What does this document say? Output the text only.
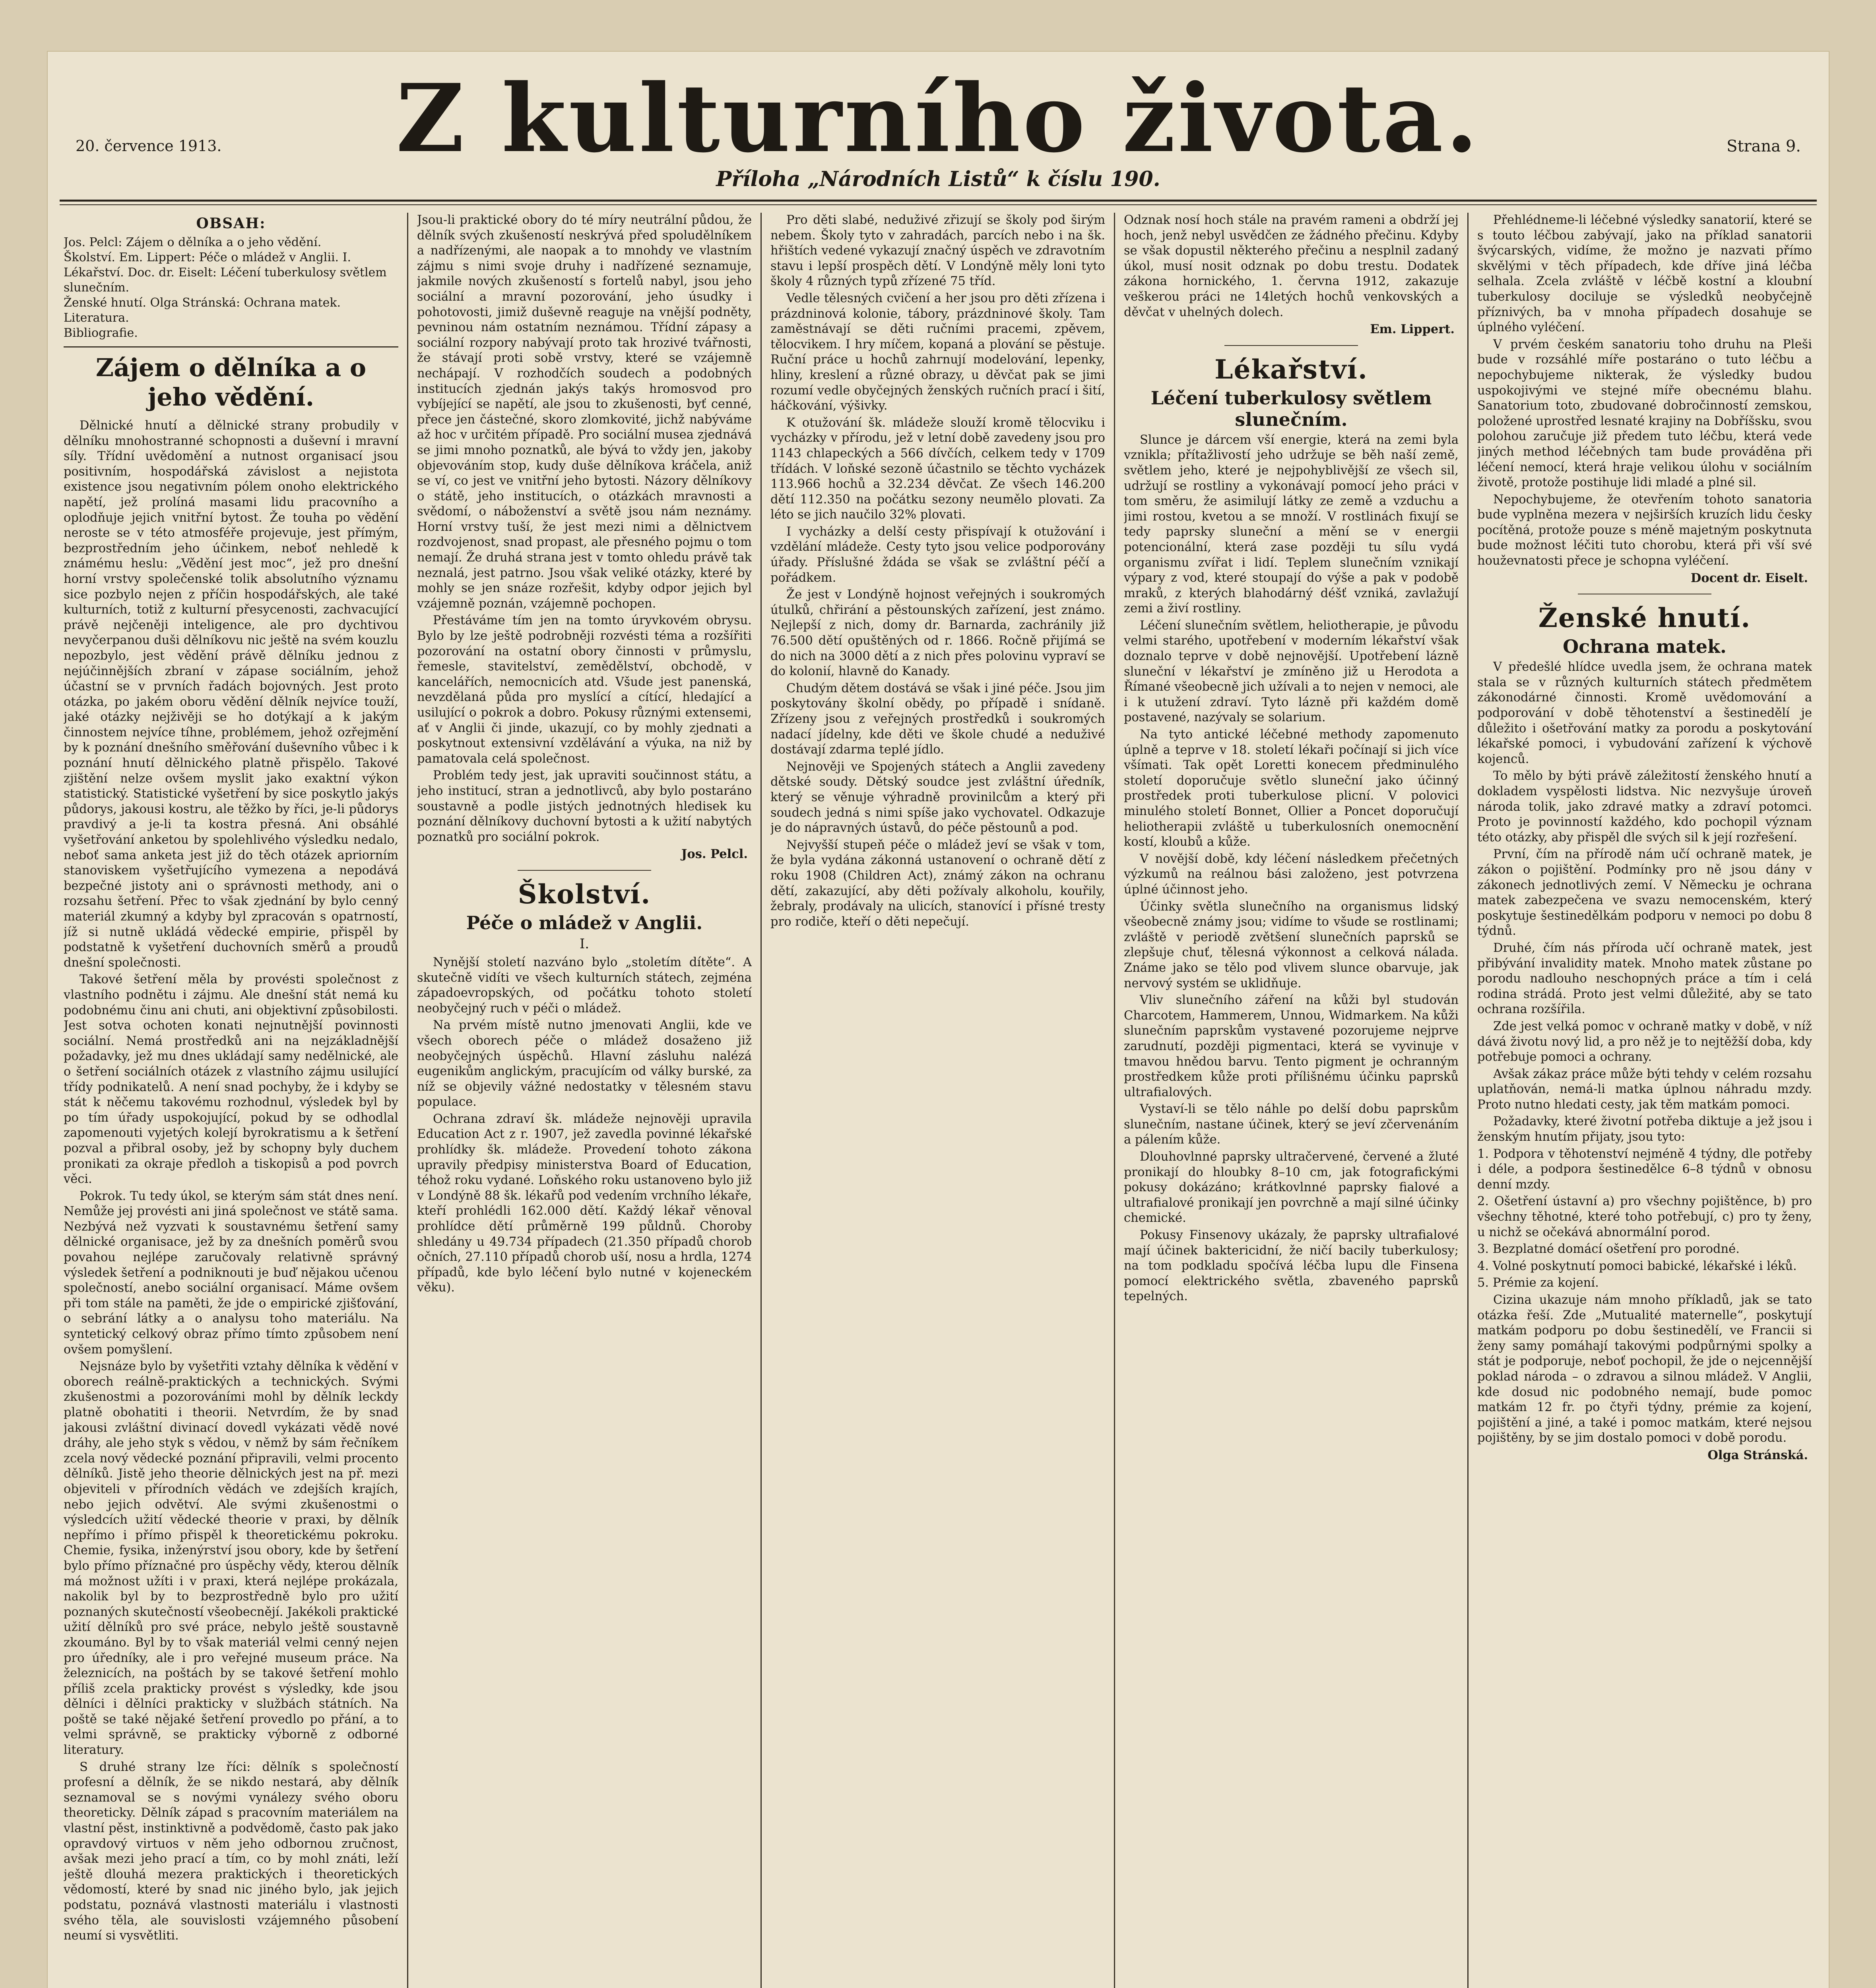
20. července 1913.	Z kulturního života.
Příloha „Národních Listů“ k číslu 190.
Strana 9.
OBSAH:
Jos. Pelcl: Zájem o dělníka a o jeho vědění.
Školství. Em. Lippert: Péče o mládež v Anglii. I.
Lékařství. Doc. dr. Eiselt: Léčení tuberkulosy světlem slunečním.
Ženské hnutí. Olga Stránská: Ochrana matek.
Literatura.
Bibliografie.
Zájem o dělníka a o jeho vědění.

Dělnické hnutí a dělnické strany probudily v dělníku mnohostranné schopnosti a duševní i mravní síly. Třídní uvědomění a nutnost organisací jsou positivním, hospodářská závislost a nejistota existence jsou negativním pólem onoho elektrického napětí, jež prolíná masami lidu pracovního a oplodňuje jejich vnitřní bytost. Že touha po vědění neroste se v této atmosféře projevuje, jest přímým, bezprostředním jeho účinkem, neboť nehledě k známému heslu: „Vědění jest moc“, jež pro dnešní horní vrstvy společenské tolik absolutního významu sice pozbylo nejen z příčin hospodářských, ale také kulturních, totiž z kulturní přesycenosti, zachvacující právě nejčeněji inteligence, ale pro dychtivou nevyčerpanou duši dělníkovu nic ještě na svém kouzlu nepozbylo, jest vědění právě dělníku jednou z nejúčinnějších zbraní v zápase sociálním, jehož účastní se v prvních řadách bojovných. Jest proto otázka, po jakém oboru vědění dělník nejvíce touží, jaké otázky nejživěji se ho dotýkají a k jakým činnostem nejvíce tíhne, problémem, jehož ozřejmění by k poznání dnešního směřování duševního vůbec i k poznání hnutí dělnického platně přispělo. Takové zjištění nelze ovšem myslit jako exaktní výkon statistický. Statistické vyšetření by sice poskytlo jakýs půdorys, jakousi kostru, ale těžko by říci, je-li půdorys pravdivý a je-li ta kostra přesná. Ani obsáhlé vyšetřování anketou by spolehlivého výsledku nedalo, neboť sama anketa jest již do těch otázek apriorním stanoviskem vyšetřujícího vymezena a nepodává bezpečné jistoty ani o správnosti methody, ani o rozsahu šetření. Přec to však zjednání by bylo cenný materiál zkumný a kdyby byl zpracován s opatrností, jíž si nutně ukládá vědecké empirie, přispěl by podstatně k vyšetření duchovních směrů a proudů dnešní společnosti.

Takové šetření měla by provésti společnost z vlastního podnětu i zájmu. Ale dnešní stát nemá ku podobnému činu ani chuti, ani objektivní způsobilosti. Jest sotva ochoten konati nejnutnější povinnosti sociální. Nemá prostředků ani na nejzákladnější požadavky, jež mu dnes ukládají samy nedělnické, ale o šetření sociálních otázek z vlastního zájmu usilující třídy podnikatelů. A není snad pochyby, že i kdyby se stát k něčemu takovému rozhodnul, výsledek byl by po tím úřady uspokojující, pokud by se odhodlal zapomenouti vyjetých kolejí byrokratismu a k šetření pozval a přibral osoby, jež by schopny byly duchem pronikati za okraje předloh a tiskopisů a pod povrch věci.

Pokrok. Tu tedy úkol, se kterým sám stát dnes není. Nemůže jej provésti ani jiná společnost ve státě sama. Nezbývá než vyzvati k soustavnému šetření samy dělnické organisace, jež by za dnešních poměrů svou povahou nejlépe zaručovaly relativně správný výsledek šetření a podniknouti je buď nějakou učenou společností, anebo sociální organisací. Máme ovšem při tom stále na paměti, že jde o empirické zjišťování, o sebrání látky a o analysu toho materiálu. Na syntetický celkový obraz přímo tímto způsobem není ovšem pomyšlení.

Nejsnáze bylo by vyšetřiti vztahy dělníka k vědění v oborech reálně-praktických a technických. Svými zkušenostmi a pozorováními mohl by dělník leckdy platně obohatiti i theorii. Netvrdím, že by snad jakousi zvláštní divinací dovedl vykázati vědě nové dráhy, ale jeho styk s vědou, v němž by sám řečníkem zcela nový vědecké poznání připravili, velmi procento dělníků. Jistě jeho theorie dělnických jest na př. mezi objeviteli v přírodních vědách ve zdejších krajích, nebo jejich odvětví. Ale svými zkušenostmi o výsledcích užití vědecké theorie v praxi, by dělník nepřímo i přímo přispěl k theoretickému pokroku. Chemie, fysika, inženýrství jsou obory, kde by šetření bylo přímo příznačné pro úspěchy vědy, kterou dělník má možnost užíti i v praxi, která nejlépe prokázala, nakolik byl by to bezprostředně bylo pro užití poznaných skutečností všeobecnějí. Jakékoli praktické užití dělníků pro své práce, nebylo ještě soustavně zkoumáno. Byl by to však materiál velmi cenný nejen pro úředníky, ale i pro veřejné museum práce. Na železnicích, na poštách by se takové šetření mohlo příliš zcela prakticky provést s výsledky, kde jsou dělníci i dělníci prakticky v službách státních. Na poště se také nějaké šetření provedlo po přání, a to velmi správně, se prakticky výborně z odborné literatury.

S druhé strany lze říci: dělník s společností profesní a dělník, že se nikdo nestará, aby dělník seznamoval se s novými vynálezy svého oboru theoreticky. Dělník západ s pracovním materiálem na vlastní pěst, instinktivně a podvědomě, často pak jako opravdový virtuos v něm jeho odbornou zručnost, avšak mezi jeho prací a tím, co by mohl znáti, leží ještě dlouhá mezera praktických i theoretických vědomostí, které by snad nic jiného bylo, jak jejich podstatu, poznává vlastnosti materiálu i vlastnosti svého těla, ale souvislosti vzájemného působení neumí si vysvětliti.

Jsou-li praktické obory do té míry neutrální půdou, že dělník svých zkušeností neskrývá před spoludělníkem a nadřízenými, ale naopak a to mnohdy ve vlastním zájmu s nimi svoje druhy i nadřízené seznamuje, jakmile nových zkušeností s fortelů nabyl, jsou jeho sociální a mravní pozorování, jeho úsudky i pohotovosti, jimiž duševně reaguje na vnější podněty, pevninou nám ostatním neznámou. Třídní zápasy a sociální rozpory nabývají proto tak hrozivé tvářnosti, že stávají proti sobě vrstvy, které se vzájemně nechápají. V rozhodčích soudech a podobných institucích zjednán jakýs takýs hromosvod pro vybíjející se napětí, ale jsou to zkušenosti, byť cenné, přece jen částečné, skoro zlomkovité, jichž nabýváme až hoc v určitém případě. Pro sociální musea zjednává se jimi mnoho poznatků, ale bývá to vždy jen, jakoby objevováním stop, kudy duše dělníkova kráčela, aniž se ví, co jest ve vnitřní jeho bytosti. Názory dělníkovy o státě, jeho institucích, o otázkách mravnosti a svědomí, o náboženství a světě jsou nám neznámy. Horní vrstvy tuší, že jest mezi nimi a dělnictvem rozdvojenost, snad propast, ale přesného pojmu o tom nemají. Že druhá strana jest v tomto ohledu právě tak neznalá, jest patrno. Jsou však veliké otázky, které by mohly se jen snáze rozřešit, kdyby odpor jejich byl vzájemně poznán, vzájemně pochopen.

Přestáváme tím jen na tomto úryvkovém obrysu. Bylo by lze ještě podrobněji rozvésti téma a rozšířiti pozorování na ostatní obory činnosti v průmyslu, řemesle, stavitelství, zemědělství, obchodě, v kancelářích, nemocnicích atd. Všude jest panenská, nevzdělaná půda pro myslící a cítící, hledající a usilující o pokrok a dobro. Pokusy různými extensemi, ať v Anglii či jinde, ukazují, co by mohly zjednati a poskytnout extensivní vzdělávání a výuka, na niž by pamatovala celá společnost.

Problém tedy jest, jak upraviti součinnost státu, a jeho institucí, stran a jednotlivců, aby bylo postaráno soustavně a podle jistých jednotných hledisek ku poznání dělníkovy duchovní bytosti a k užití nabytých poznatků pro sociální pokrok.

Jos. Pelcl.
Školství.
Péče o mládež v Anglii.
I.

Nynější století nazváno bylo „stoletím dítěte“. A skutečně vidíti ve všech kulturních státech, zejména západoevropských, od počátku tohoto století neobyčejný ruch v péči o mládež.

Na prvém místě nutno jmenovati Anglii, kde ve všech oborech péče o mládež dosaženo již neobyčejných úspěchů. Hlavní zásluhu nalézá eugenikům anglickým, pracujícím od války burské, za níž se objevily vážné nedostatky v tělesném stavu populace.

Ochrana zdraví šk. mládeže nejnověji upravila Education Act z r. 1907, jež zavedla povinné lékařské prohlídky šk. mládeže. Provedení tohoto zákona upravily předpisy ministerstva Board of Education, téhož roku vydané. Loňského roku ustanoveno bylo již v Londýně 88 šk. lékařů pod vedením vrchního lékaře, kteří prohlédli 162.000 dětí. Každý lékař věnoval prohlídce dětí průměrně 199 půldnů. Choroby shledány u 49.734 případech (21.350 případů chorob očních, 27.110 případů chorob uší, nosu a hrdla, 1274 případů, kde bylo léčení bylo nutné v kojeneckém věku).

Pro děti slabé, neduživé zřizují se školy pod širým nebem. Školy tyto v zahradách, parcích nebo i na šk. hřištích vedené vykazují značný úspěch ve zdravotním stavu i lepší prospěch dětí. V Londýně měly loni tyto školy 4 různých typů zřízené 75 tříd.

Vedle tělesných cvičení a her jsou pro děti zřízena i prázdninová kolonie, tábory, prázdninové školy. Tam zaměstnávají se děti ručními pracemi, zpěvem, tělocvikem. I hry míčem, kopaná a plování se pěstuje. Ruční práce u hochů zahrnují modelování, lepenky, hliny, kreslení a různé obrazy, u děvčat pak se jimi rozumí vedle obyčejných ženských ručních prací i šití, háčkování, výšivky.

K otužování šk. mládeže slouží kromě tělocviku i vycházky v přírodu, jež v letní době zavedeny jsou pro 1143 chlapeckých a 566 dívčích, celkem tedy v 1709 třídách. V loňské sezoně účastnilo se těchto vycházek 113.966 hochů a 32.234 děvčat. Ze všech 146.200 dětí 112.350 na počátku sezony neumělo plovati. Za léto se jich naučilo 32% plovati.

I vycházky a delší cesty přispívají k otužování i vzdělání mládeže. Cesty tyto jsou velice podporovány úřady. Příslušné ždáda se však se zvláštní péčí a pořádkem.

Že jest v Londýně hojnost veřejných i soukromých útulků, chřirání a pěstounských zařízení, jest známo. Nejlepší z nich, domy dr. Barnarda, zachránily již 76.500 dětí opuštěných od r. 1866. Ročně přijímá se do nich na 3000 dětí a z nich přes polovinu vypraví se do kolonií, hlavně do Kanady.

Chudým dětem dostává se však i jiné péče. Jsou jim poskytovány školní obědy, po případě i snídaně. Zřízeny jsou z veřejných prostředků i soukromých nadací jídelny, kde děti ve škole chudé a neduživé dostávají zdarma teplé jídlo.

Nejnověji ve Spojených státech a Anglii zavedeny dětské soudy. Dětský soudce jest zvláštní úředník, který se věnuje výhradně provinilcům a který při soudech jedná s nimi spíše jako vychovatel. Odkazuje je do nápravných ústavů, do péče pěstounů a pod.

Nejvyšší stupeň péče o mládež jeví se však v tom, že byla vydána zákonná ustanovení o ochraně dětí z roku 1908 (Children Act), známý zákon na ochranu dětí, zakazující, aby děti požívaly alkoholu, kouřily, žebraly, prodávaly na ulicích, stanovící i přísné tresty pro rodiče, kteří o děti nepečují.

Odznak nosí hoch stále na pravém rameni a obdrží jej hoch, jenž nebyl usvědčen ze žádného přečinu. Kdyby se však dopustil některého přečinu a nesplnil zadaný úkol, musí nosit odznak po dobu trestu. Dodatek zákona hornického, 1. června 1912, zakazuje veškerou práci ne 14letých hochů venkovských a děvčat v uhelných dolech.

Em. Lippert.
Lékařství.
Léčení tuberkulosy světlem slunečním.

Slunce je dárcem vší energie, která na zemi byla vznikla; přítažlivostí jeho udržuje se běh naší země, světlem jeho, které je nejpohyblivější ze všech sil, udržují se rostliny a vykonávají pomocí jeho práci v tom směru, že asimilují látky ze země a vzduchu a jimi rostou, kvetou a se množí. V rostlinách fixují se tedy paprsky sluneční a mění se v energii potencionální, která zase později tu sílu vydá organismu zvířat i lidí. Teplem slunečním vznikají výpary z vod, které stoupají do výše a pak v podobě mraků, z kterých blahodárný déšť vzniká, zavlažují zemi a živí rostliny.

Léčení slunečním světlem, heliotherapie, je původu velmi starého, upotřebení v moderním lékařství však doznalo teprve v době nejnovější. Upotřebení lázně sluneční v lékařství je zmíněno již u Herodota a Římané všeobecně jich užívali a to nejen v nemoci, ale i k utužení zdraví. Tyto lázně při každém domě postavené, nazývaly se solarium.

Na tyto antické léčebné methody zapomenuto úplně a teprve v 18. století lékaři počínají si jich více všímati. Tak opět Loretti konecem předminulého století doporučuje světlo sluneční jako účinný prostředek proti tuberkulose plicní. V polovici minulého století Bonnet, Ollier a Poncet doporučují heliotherapii zvláště u tuberkulosních onemocnění kostí, kloubů a kůže.

V novější době, kdy léčení následkem přečetných výzkumů na reálnou bási založeno, jest potvrzena úplné účinnost jeho.

Účinky světla slunečního na organismus lidský všeobecně známy jsou; vidíme to všude se rostlinami; zvláště v periodě zvětšení slunečních paprsků se zlepšuje chuť, tělesná výkonnost a celková nálada. Známe jako se tělo pod vlivem slunce obarvuje, jak nervový systém se uklidňuje.

Vliv slunečního záření na kůži byl studován Charcotem, Hammerem, Unnou, Widmarkem. Na kůži slunečním paprskům vystavené pozorujeme nejprve zarudnutí, později pigmentaci, která se vyvinuje v tmavou hnědou barvu. Tento pigment je ochranným prostředkem kůže proti přílišnému účinku paprsků ultrafialových.

Vystaví-li se tělo náhle po delší dobu paprskům slunečním, nastane účinek, který se jeví zčervenáním a pálením kůže.

Dlouhovlnné paprsky ultračervené, červené a žluté pronikají do hloubky 8–10 cm, jak fotografickými pokusy dokázáno; krátkovlnné paprsky fialové a ultrafialové pronikají jen povrchně a mají silné účinky chemické.

Pokusy Finsenovy ukázaly, že paprsky ultrafialové mají účinek baktericidní, že ničí bacily tuberkulosy; na tom podkladu spočívá léčba lupu dle Finsena pomocí elektrického světla, zbaveného paprsků tepelných.

Přehlédneme-li léčebné výsledky sanatorií, které se s touto léčbou zabývají, jako na příklad sanatorii švýcarských, vidíme, že možno je nazvati přímo skvělými v těch případech, kde dříve jiná léčba selhala. Zcela zvláště v léčbě kostní a kloubní tuberkulosy dociluje se výsledků neobyčejně příznivých, ba v mnoha případech dosahuje se úplného vyléčení.

V prvém českém sanatoriu toho druhu na Pleši bude v rozsáhlé míře postaráno o tuto léčbu a nepochybujeme nikterak, že výsledky budou uspokojivými ve stejné míře obecnému blahu. Sanatorium toto, zbudované dobročinností zemskou, položené uprostřed lesnaté krajiny na Dobříšsku, svou polohou zaručuje již předem tuto léčbu, která vede jiných method léčebných tam bude prováděna při léčení nemocí, která hraje velikou úlohu v sociálním životě, protože postihuje lidi mladé a plné sil.

Nepochybujeme, že otevřením tohoto sanatoria bude vyplněna mezera v nejširších kruzích lidu česky pocítěná, protože pouze s méně majetným poskytnuta bude možnost léčiti tuto chorobu, která při vší své houževnatosti přece je schopna vyléčení.

Docent dr. Eiselt.
Ženské hnutí.
Ochrana matek.

V předešlé hlídce uvedla jsem, že ochrana matek stala se v různých kulturních státech předmětem zákonodárné činnosti. Kromě uvědomování a podporování v době těhotenství a šestinedělí je důležito i ošetřování matky za porodu a poskytování lékařské pomoci, i vybudování zařízení k výchově kojenců.

To mělo by býti právě záležitostí ženského hnutí a dokladem vyspělosti lidstva. Nic nezvyšuje úroveň národa tolik, jako zdravé matky a zdraví potomci. Proto je povinností každého, kdo pochopil význam této otázky, aby přispěl dle svých sil k její rozřešení.

První, čím na přírodě nám učí ochraně matek, je zákon o pojištění. Podmínky pro ně jsou dány v zákonech jednotlivých zemí. V Německu je ochrana matek zabezpečena ve svazu nemocenském, který poskytuje šestinedělkám podporu v nemoci po dobu 8 týdnů.

Druhé, čím nás příroda učí ochraně matek, jest přibývání invalidity matek. Mnoho matek zůstane po porodu nadlouho neschopných práce a tím i celá rodina strádá. Proto jest velmi důležité, aby se tato ochrana rozšířila.

Zde jest velká pomoc v ochraně matky v době, v níž dává životu nový lid, a pro něž je to nejtěžší doba, kdy potřebuje pomoci a ochrany.

Avšak zákaz práce může býti tehdy v celém rozsahu uplatňován, nemá-li matka úplnou náhradu mzdy. Proto nutno hledati cesty, jak těm matkám pomoci.

Požadavky, které životní potřeba diktuje a jež jsou i ženským hnutím přijaty, jsou tyto:

1. Podpora v těhotenství nejméně 4 týdny, dle potřeby i déle, a podpora šestinedělce 6–8 týdnů v obnosu denní mzdy.

2. Ošetření ústavní a) pro všechny pojištěnce, b) pro všechny těhotné, které toho potřebují, c) pro ty ženy, u nichž se očekává abnormální porod.

3. Bezplatné domácí ošetření pro porodné.

4. Volné poskytnutí pomoci babické, lékařské i léků.

5. Prémie za kojení.

Cizina ukazuje nám mnoho příkladů, jak se tato otázka řeší. Zde „Mutualité maternelle“, poskytují matkám podporu po dobu šestinedělí, ve Francii si ženy samy pomáhají takovými podpůrnými spolky a stát je podporuje, neboť pochopil, že jde o nejcennější poklad národa – o zdravou a silnou mládež. V Anglii, kde dosud nic podobného nemají, bude pomoc matkám 12 fr. po čtyři týdny, prémie za kojení, pojištění a jiné, a také i pomoc matkám, které nejsou pojištěny, by se jim dostalo pomoci v době porodu.

Olga Stránská.
